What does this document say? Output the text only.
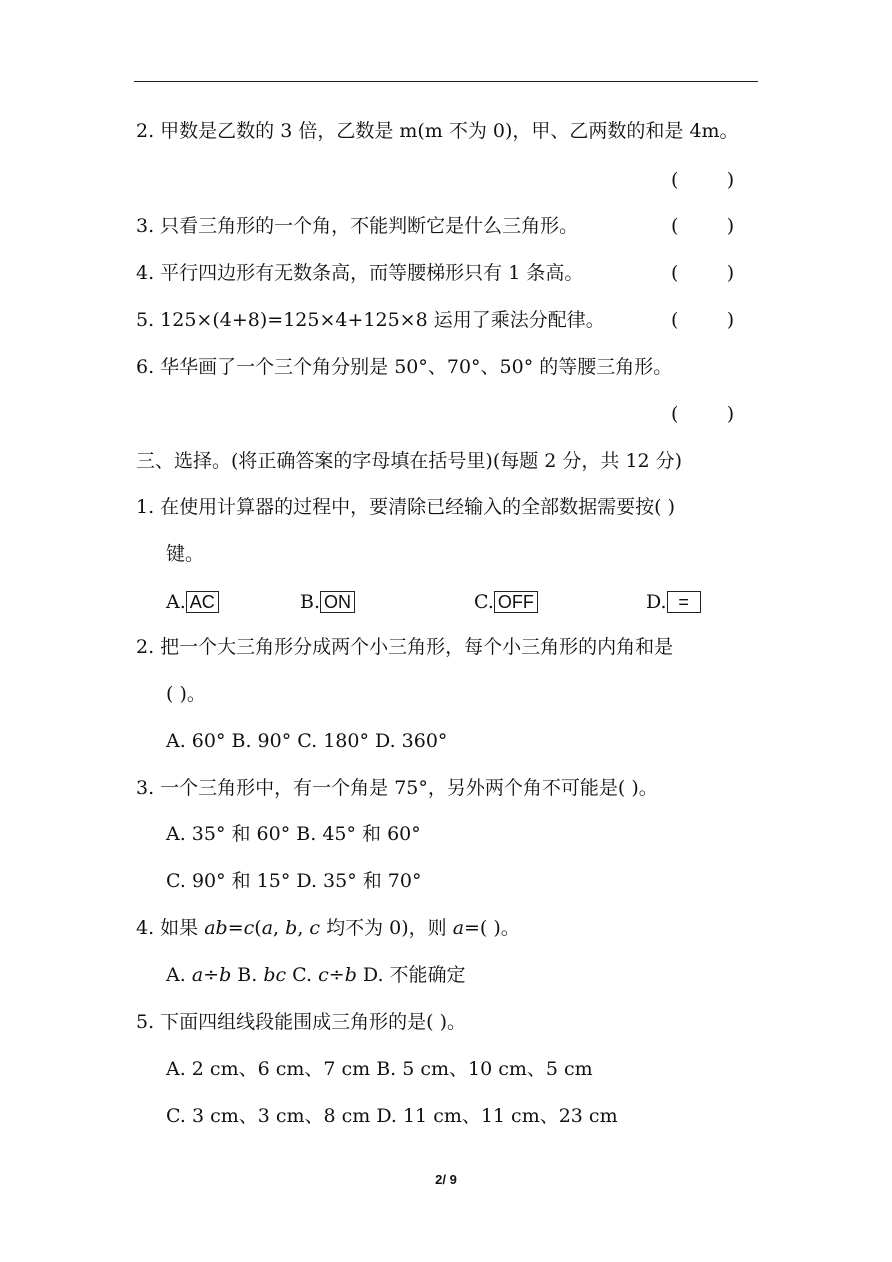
2. 甲数是乙数的 3 倍，乙数是 m(m 不为 0)，甲、乙两数的和是 4m。
(        )
3. 只看三角形的一个角，不能判断它是什么三角形。	(        )
4. 平行四边形有无数条高，而等腰梯形只有 1 条高。	(        )
5. 125×(4+8)=125×4+125×8 运用了乘法分配律。	(        )
6. 华华画了一个三个角分别是 50°、70°、50° 的等腰三角形。
(        )
三、选择。(将正确答案的字母填在括号里)(每题 2 分，共 12 分)
1. 在使用计算器的过程中，要清除已经输入的全部数据需要按( )
键。
A. AC	B. ON	C. OFF	D. =
2. 把一个大三角形分成两个小三角形，每个小三角形的内角和是
( )。
A. 60° B. 90° C. 180° D. 360°
3. 一个三角形中，有一个角是 75°，另外两个角不可能是( )。
A. 35° 和 60° B. 45° 和 60°
C. 90° 和 15° D. 35° 和 70°
4. 如果 ab=c(a, b, c 均不为 0)，则 a=( )。
A. a÷b B. bc C. c÷b D. 不能确定
5. 下面四组线段能围成三角形的是( )。
A. 2 cm、6 cm、7 cm B. 5 cm、10 cm、5 cm
C. 3 cm、3 cm、8 cm D. 11 cm、11 cm、23 cm
2/ 9
